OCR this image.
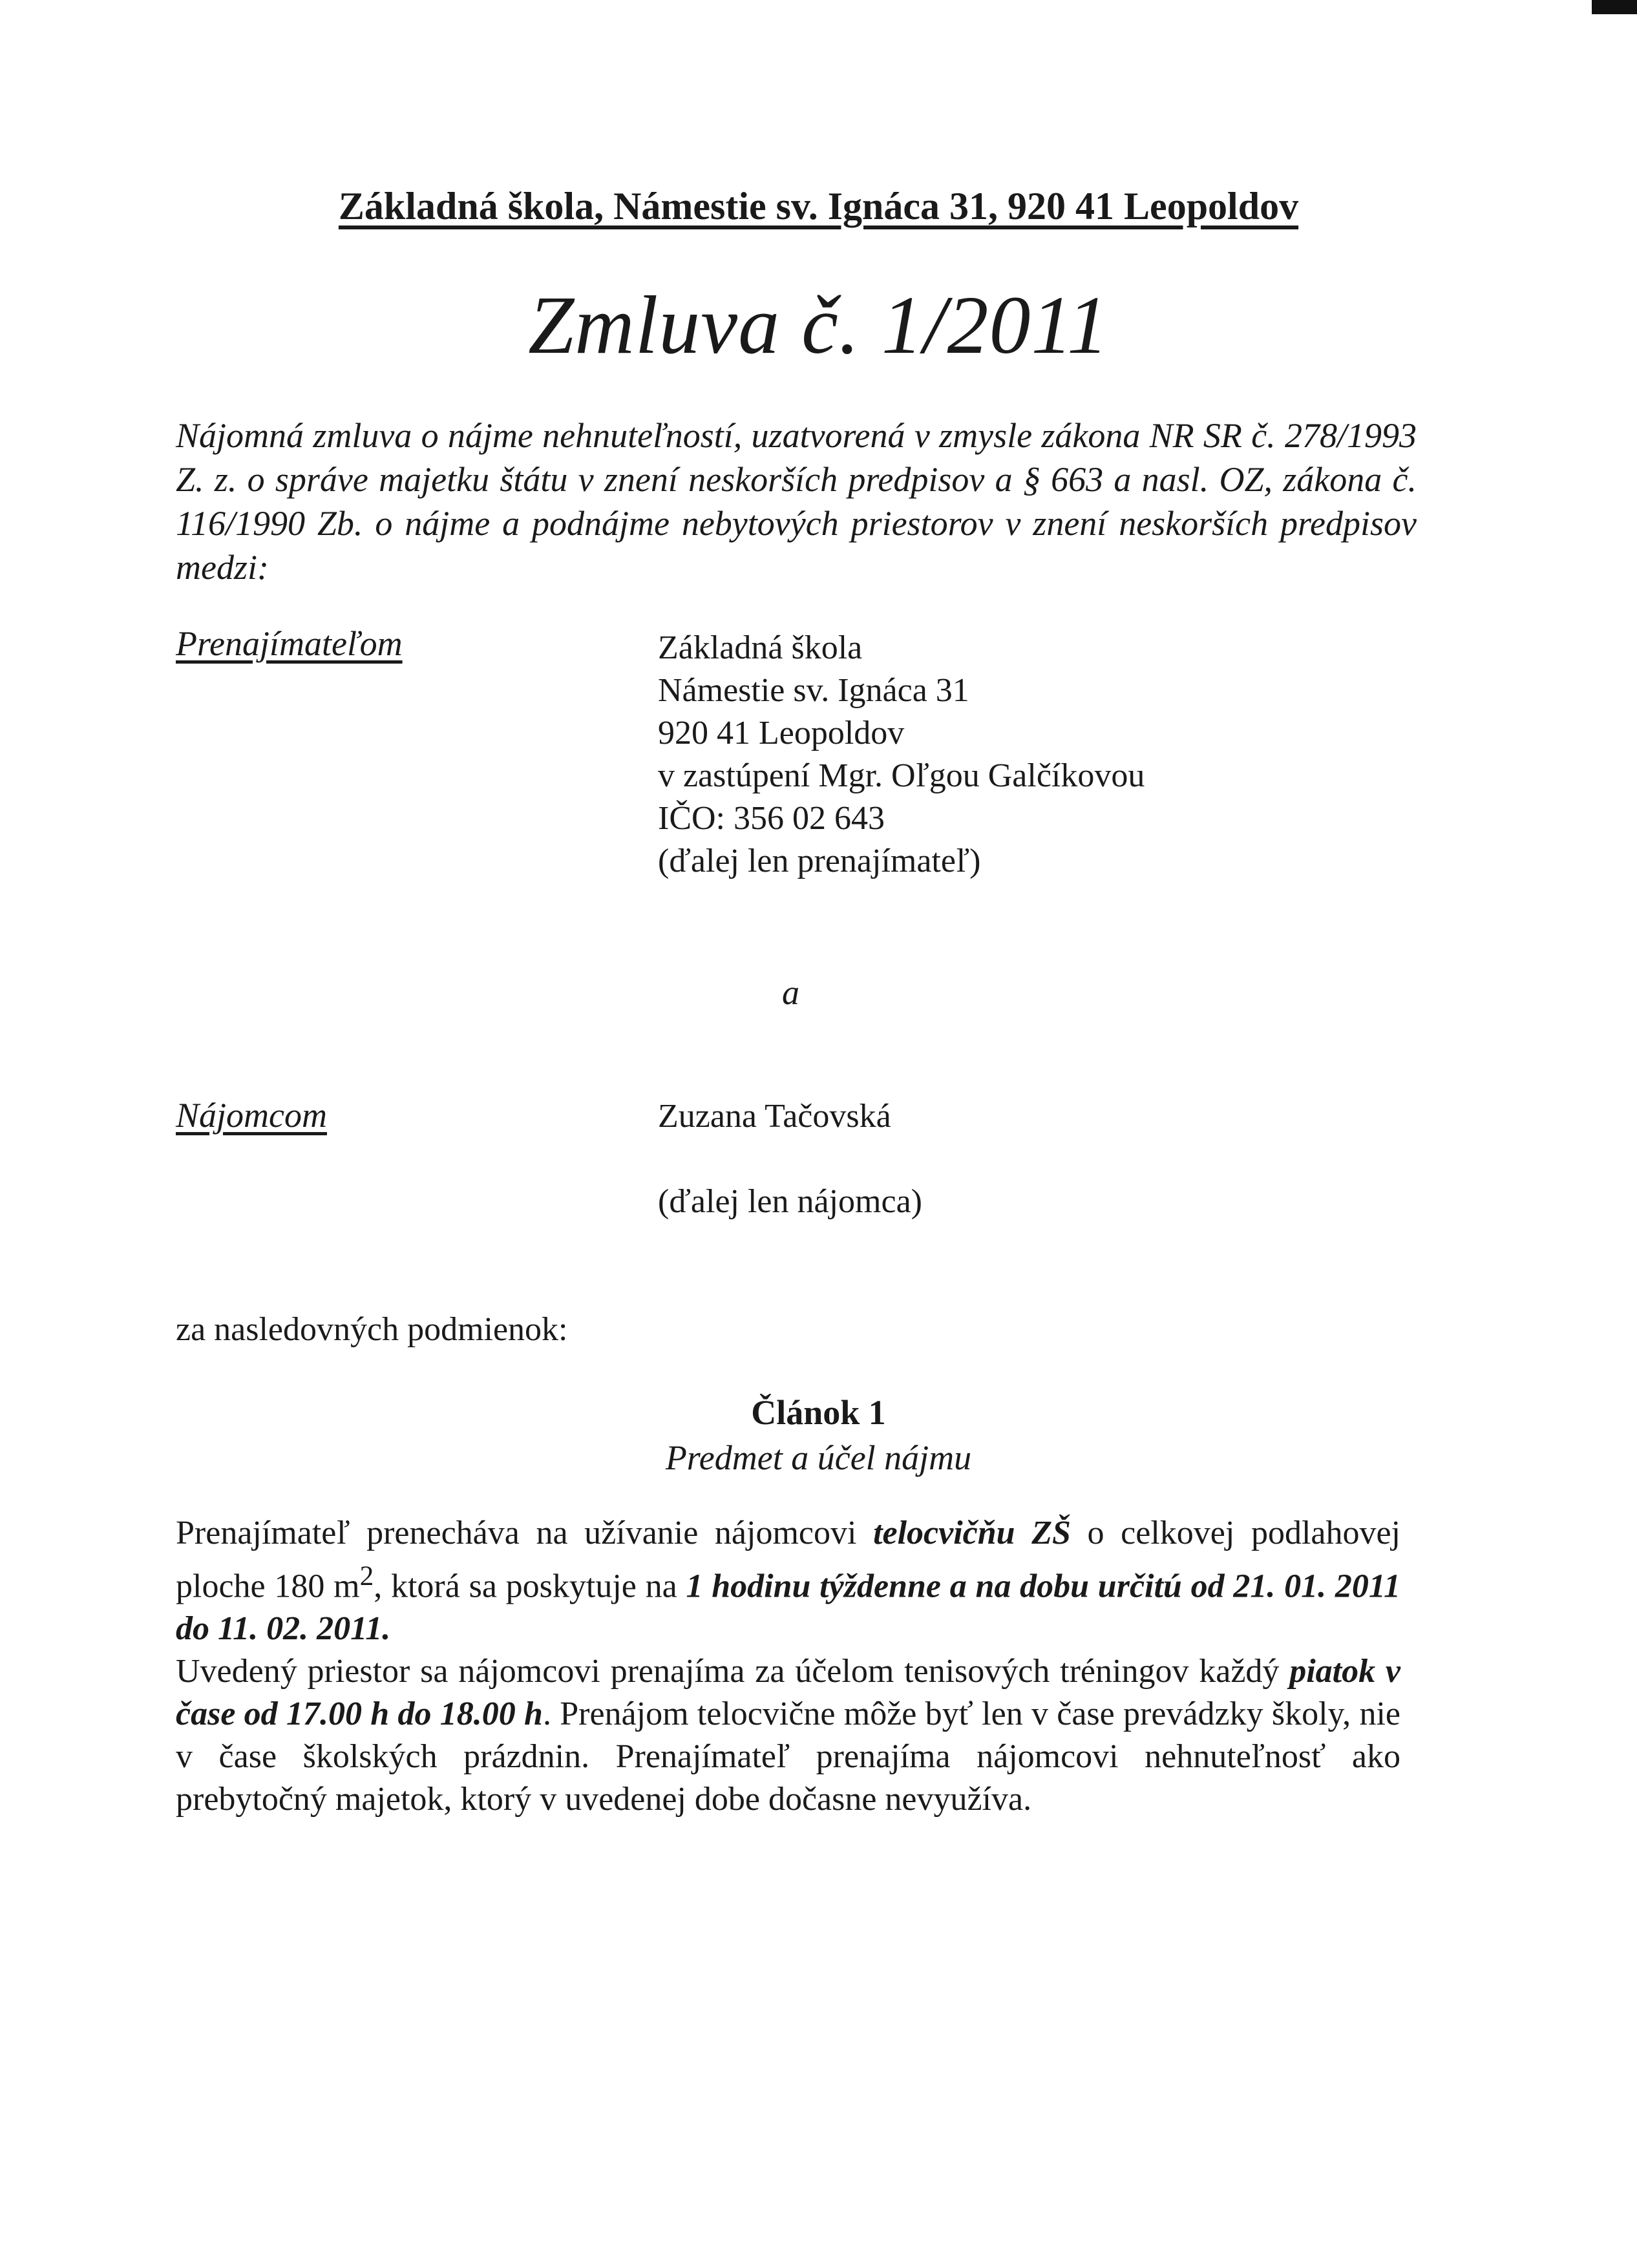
Základná škola, Námestie sv. Ignáca 31, 920 41 Leopoldov
Zmluva č. 1/2011
Nájomná zmluva o nájme nehnuteľností, uzatvorená v zmysle zákona NR SR č. 278/1993 Z. z. o správe majetku štátu v znení neskorších predpisov a § 663 a nasl. OZ, zákona č. 116/1990 Zb. o nájme a podnájme nebytových priestorov v znení neskorších predpisov medzi:
Prenajímateľom	Základná škola
Námestie sv. Ignáca 31
920 41 Leopoldov
v zastúpení Mgr. Oľgou Galčíkovou
IČO: 356 02 643
(ďalej len prenajímateľ)
a
Nájomcom	Zuzana Tačovská
(ďalej len nájomca)
za nasledovných podmienok:
Článok 1
Predmet a účel nájmu

Prenajímateľ prenecháva na užívanie nájomcovi telocvičňu ZŠ o celkovej podlahovej ploche 180 $m^2$, ktorá sa poskytuje na 1 hodinu týždenne a na dobu určitú od 21. 01. 2011 do 11. 02. 2011.

Uvedený priestor sa nájomcovi prenajíma za účelom tenisových tréningov každý piatok v čase od 17.00 h do 18.00 h. Prenájom telocvične môže byť len v čase prevádzky školy, nie v čase školských prázdnin. Prenajímateľ prenajíma nájomcovi nehnuteľnosť ako prebytočný majetok, ktorý v uvedenej dobe dočasne nevyužíva.
